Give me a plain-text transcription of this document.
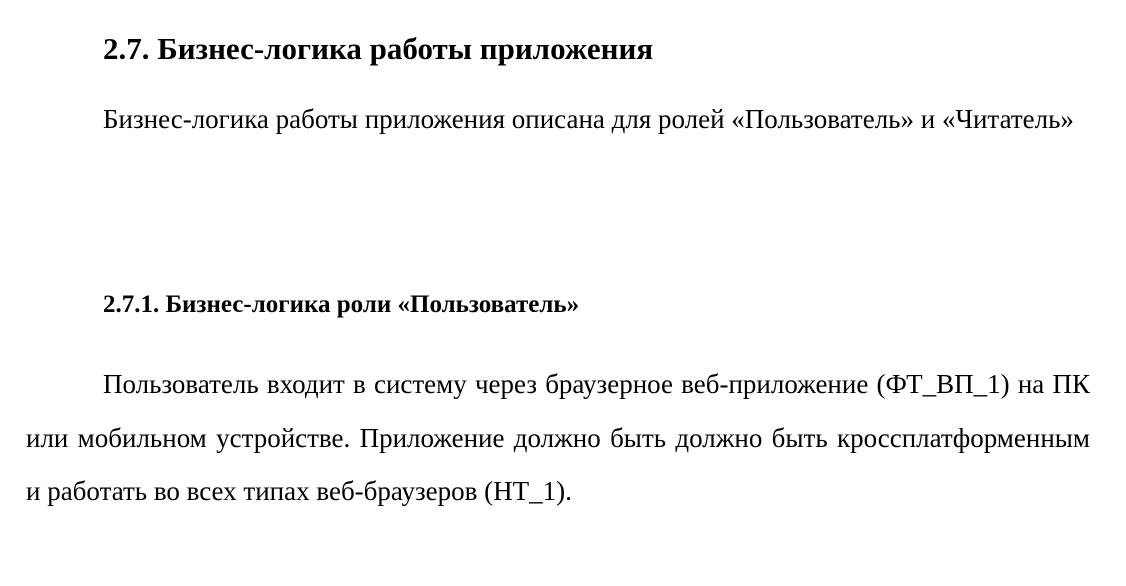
2.7. Бизнес-логика работы приложения

Бизнес-логика работы приложения описана для ролей «Пользователь» и «Читатель»

2.7.1. Бизнес-логика роли «Пользователь»

Пользователь входит в систему через браузерное веб-приложение (ФТ_ВП_1) на ПК или мобильном устройстве. Приложение должно быть должно быть кроссплатформенным и работать во всех типах веб-браузеров (НТ_1).
